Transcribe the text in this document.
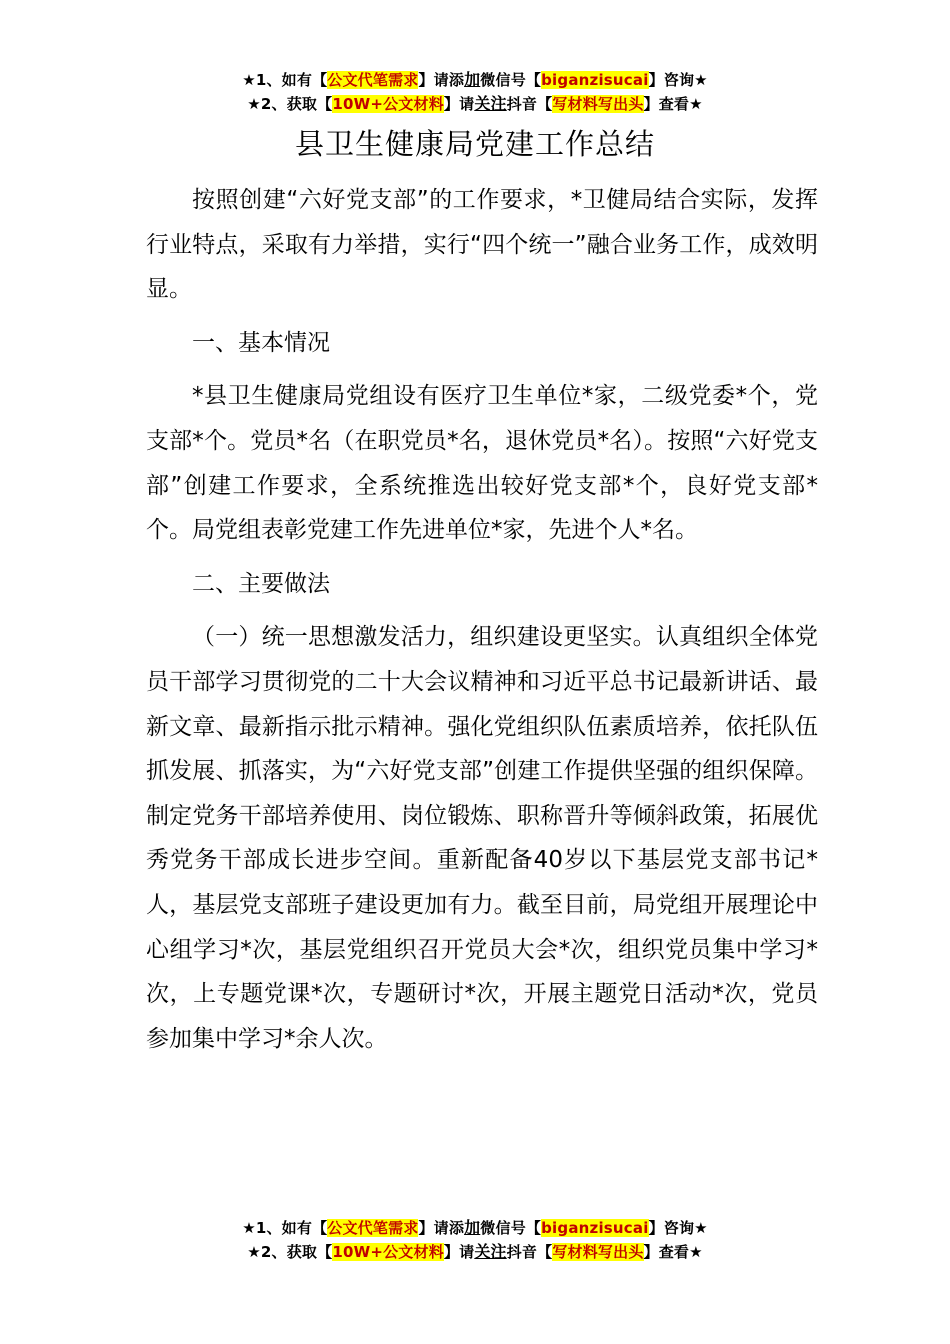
★1、如有【公文代笔需求】请添加微信号【biganzisucai】咨询★
★2、获取【10W+公文材料】请关注抖音【写材料写出头】查看★
县卫生健康局党建工作总结

按照创建“六好党支部”的工作要求，*卫健局结合实际，发挥行业特点，采取有力举措，实行“四个统一”融合业务工作，成效明显。

一、基本情况

*县卫生健康局党组设有医疗卫生单位*家，二级党委*个，党支部*个。党员*名（在职党员*名，退休党员*名）。按照“六好党支部”创建工作要求，全系统推选出较好党支部*个，良好党支部*个。局党组表彰党建工作先进单位*家，先进个人*名。

二、主要做法

（一）统一思想激发活力，组织建设更坚实。认真组织全体党员干部学习贯彻党的二十大会议精神和习近平总书记最新讲话、最新文章、最新指示批示精神。强化党组织队伍素质培养，依托队伍抓发展、抓落实，为“六好党支部”创建工作提供坚强的组织保障。制定党务干部培养使用、岗位锻炼、职称晋升等倾斜政策，拓展优秀党务干部成长进步空间。重新配备40岁以下基层党支部书记*人，基层党支部班子建设更加有力。截至目前，局党组开展理论中心组学习*次，基层党组织召开党员大会*次，组织党员集中学习*次，上专题党课*次，专题研讨*次，开展主题党日活动*次，党员参加集中学习*余人次。

★1、如有【公文代笔需求】请添加微信号【biganzisucai】咨询★
★2、获取【10W+公文材料】请关注抖音【写材料写出头】查看★
